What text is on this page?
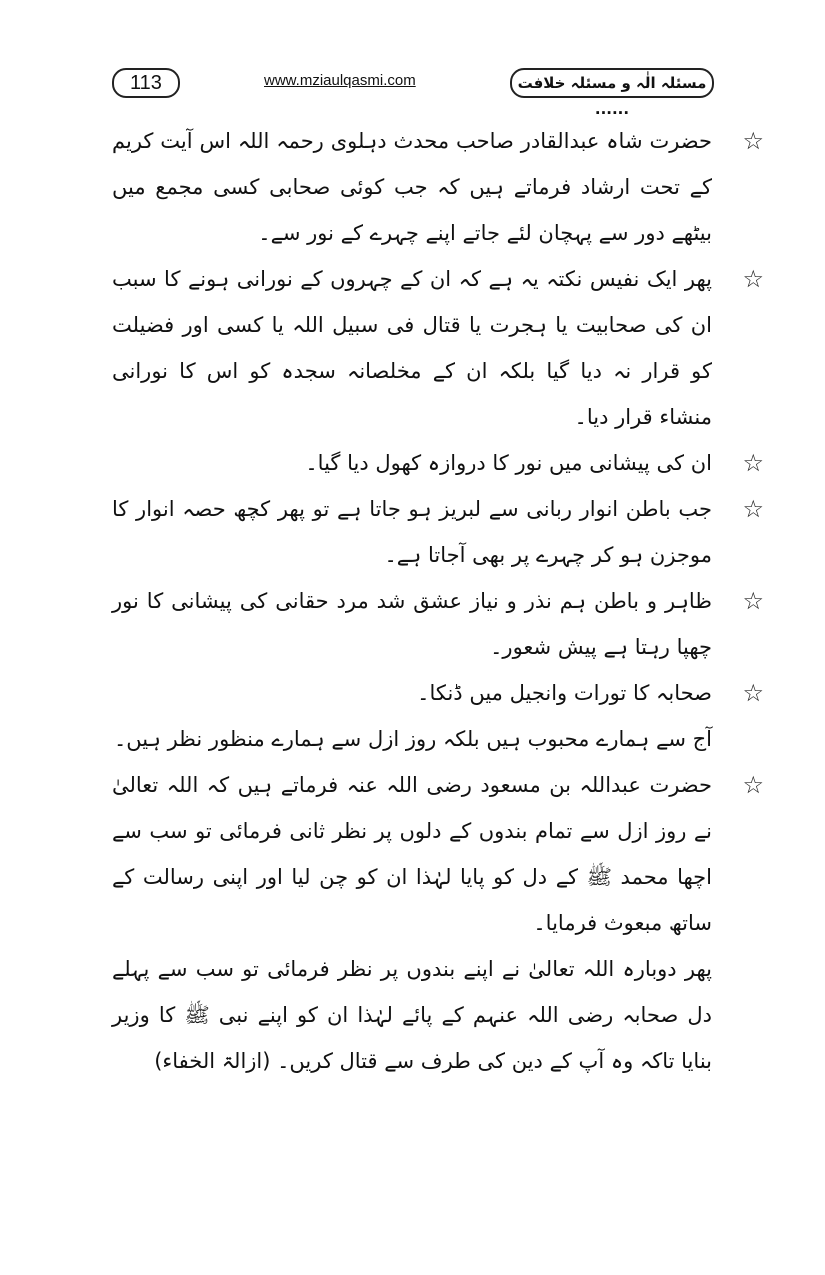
113	www.mziaulqasmi.com	مسئلہ الٰہ و مسئلہ خلافت ......
☆
حضرت شاہ عبدالقادر صاحب محدث دہلوی رحمہ اللہ اس آیت کریم کے تحت ارشاد فرماتے ہیں کہ جب کوئی صحابی کسی مجمع میں بیٹھے دور سے پہچان لئے جاتے اپنے چہرے کے نور سے۔
☆
پھر ایک نفیس نکتہ یہ ہے کہ ان کے چہروں کے نورانی ہونے کا سبب ان کی صحابیت یا ہجرت یا قتال فی سبیل اللہ یا کسی اور فضیلت کو قرار نہ دیا گیا بلکہ ان کے مخلصانہ سجدہ کو اس کا نورانی منشاء قرار دیا۔
☆
ان کی پیشانی میں نور کا دروازہ کھول دیا گیا۔
☆
جب باطن انوار ربانی سے لبریز ہو جاتا ہے تو پھر کچھ حصہ انوار کا موجزن ہو کر چہرے پر بھی آجاتا ہے۔
☆
ظاہر و باطن ہم نذر و نیاز عشق شد مرد حقانی کی پیشانی کا نور چھپا رہتا ہے پیش شعور۔
☆
صحابہ کا تورات وانجیل میں ڈنکا۔
آج سے ہمارے محبوب ہیں بلکہ روز ازل سے ہمارے منظور نظر ہیں۔
☆
حضرت عبداللہ بن مسعود رضی اللہ عنہ فرماتے ہیں کہ اللہ تعالیٰ نے روز ازل سے تمام بندوں کے دلوں پر نظر ثانی فرمائی تو سب سے اچھا محمد ﷺ کے دل کو پایا لہٰذا ان کو چن لیا اور اپنی رسالت کے ساتھ مبعوث فرمایا۔
پھر دوبارہ اللہ تعالیٰ نے اپنے بندوں پر نظر فرمائی تو سب سے پہلے دل صحابہ رضی اللہ عنہم کے پائے لہٰذا ان کو اپنے نبی ﷺ کا وزیر بنایا تاکہ وہ آپ کے دین کی طرف سے قتال کریں۔ (ازالۃ الخفاء)
